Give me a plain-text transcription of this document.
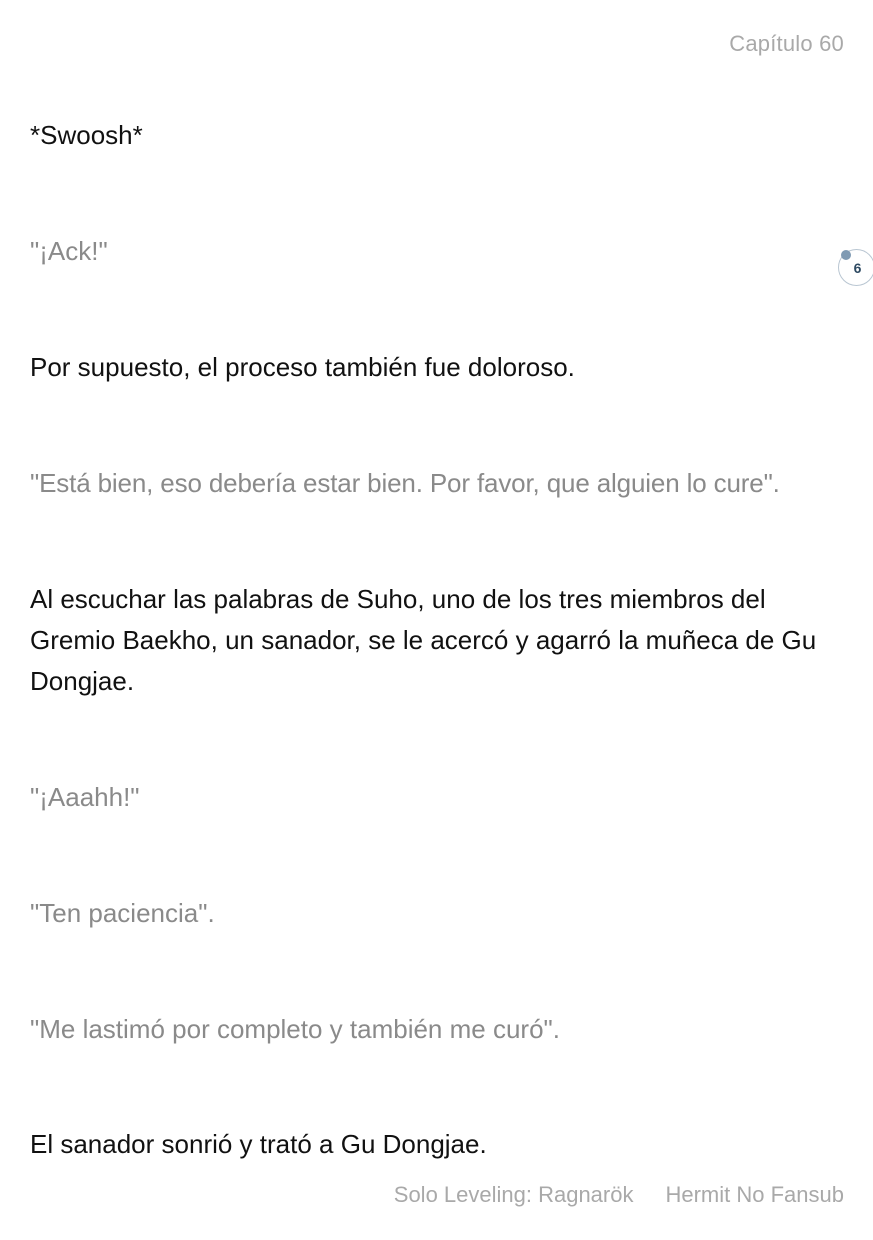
Capítulo 60

*Swoosh*

"¡Ack!"

Por supuesto, el proceso también fue doloroso.

"Está bien, eso debería estar bien. Por favor, que alguien lo cure".

Al escuchar las palabras de Suho, uno de los tres miembros del Gremio Baekho, un sanador, se le acercó y agarró la muñeca de Gu Dongjae.

"¡Aaahh!"

"Ten paciencia".

"Me lastimó por completo y también me curó".

El sanador sonrió y trató a Gu Dongjae.

6
Solo Leveling: Ragnarök Hermit No Fansub
